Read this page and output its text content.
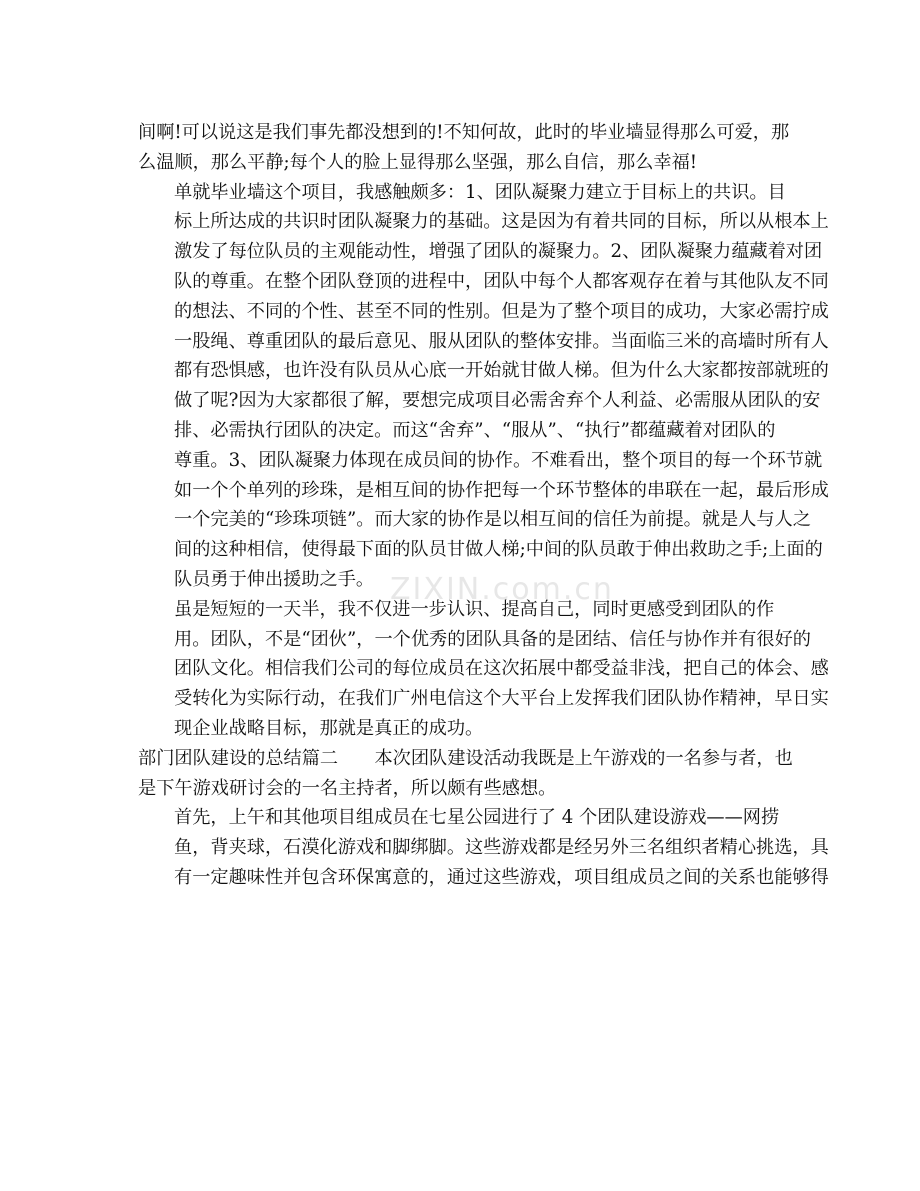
ZIXIN.com.cn
间啊!可以说这是我们事先都没想到的!不知何故，此时的毕业墙显得那么可爱，那
么温顺，那么平静;每个人的脸上显得那么坚强，那么自信，那么幸福!
单就毕业墙这个项目，我感触颇多：1、团队凝聚力建立于目标上的共识。目
标上所达成的共识时团队凝聚力的基础。这是因为有着共同的目标，所以从根本上
激发了每位队员的主观能动性，增强了团队的凝聚力。2、团队凝聚力蕴藏着对团
队的尊重。在整个团队登顶的进程中，团队中每个人都客观存在着与其他队友不同
的想法、不同的个性、甚至不同的性别。但是为了整个项目的成功，大家必需拧成
一股绳、尊重团队的最后意见、服从团队的整体安排。当面临三米的高墙时所有人
都有恐惧感，也许没有队员从心底一开始就甘做人梯。但为什么大家都按部就班的
做了呢?因为大家都很了解，要想完成项目必需舍弃个人利益、必需服从团队的安
排、必需执行团队的决定。而这“舍弃”、“服从”、“执行”都蕴藏着对团队的
尊重。3、团队凝聚力体现在成员间的协作。不难看出，整个项目的每一个环节就
如一个个单列的珍珠，是相互间的协作把每一个环节整体的串联在一起，最后形成
一个完美的“珍珠项链”。而大家的协作是以相互间的信任为前提。就是人与人之
间的这种相信，使得最下面的队员甘做人梯;中间的队员敢于伸出救助之手;上面的
队员勇于伸出援助之手。
虽是短短的一天半，我不仅进一步认识、提高自己，同时更感受到团队的作
用。团队，不是“团伙”，一个优秀的团队具备的是团结、信任与协作并有很好的
团队文化。相信我们公司的每位成员在这次拓展中都受益非浅，把自己的体会、感
受转化为实际行动，在我们广州电信这个大平台上发挥我们团队协作精神，早日实
现企业战略目标，那就是真正的成功。
部门团队建设的总结篇二　　本次团队建设活动我既是上午游戏的一名参与者，也
是下午游戏研讨会的一名主持者，所以颇有些感想。
首先，上午和其他项目组成员在七星公园进行了 4 个团队建设游戏——网捞
鱼，背夹球，石漠化游戏和脚绑脚。这些游戏都是经另外三名组织者精心挑选，具
有一定趣味性并包含环保寓意的，通过这些游戏，项目组成员之间的关系也能够得
